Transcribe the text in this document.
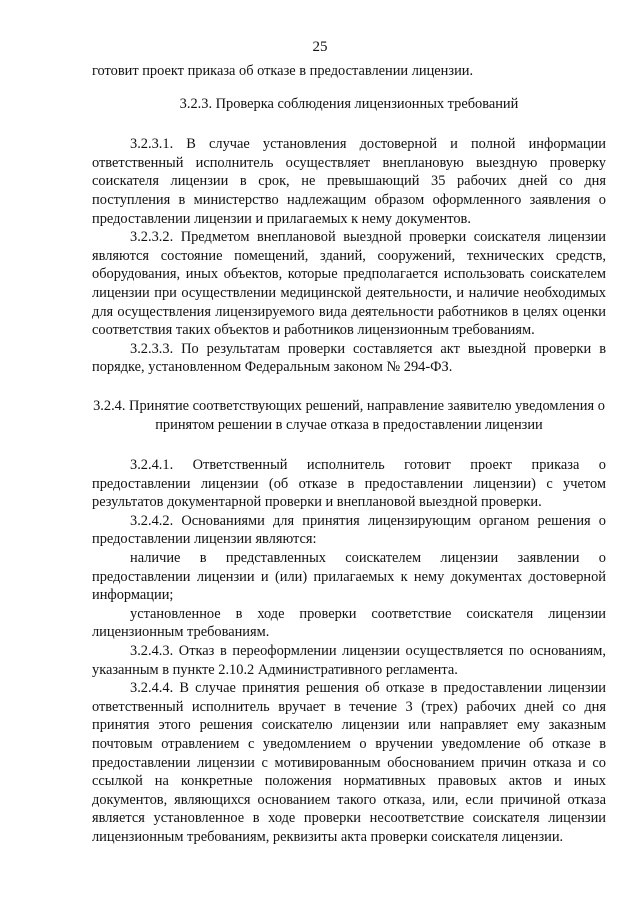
25

готовит проект приказа об отказе в предоставлении лицензии.

3.2.3. Проверка соблюдения лицензионных требований

3.2.3.1. В случае установления достоверной и полной информации ответственный исполнитель осуществляет внеплановую выездную проверку соискателя лицензии в срок, не превышающий 35 рабочих дней со дня поступления в министерство надлежащим образом оформленного заявления о предоставлении лицензии и прилагаемых к нему документов.

3.2.3.2. Предметом внеплановой выездной проверки соискателя лицензии являются состояние помещений, зданий, сооружений, технических средств, оборудования, иных объектов, которые предполагается использовать соискателем лицензии при осуществлении медицинской деятельности, и наличие необходимых для осуществления лицензируемого вида деятельности работников в целях оценки соответствия таких объектов и работников лицензионным требованиям.

3.2.3.3. По результатам проверки составляется акт выездной проверки в порядке, установленном Федеральным законом № 294-ФЗ.

3.2.4. Принятие соответствующих решений, направление заявителю уведомления о принятом решении в случае отказа в предоставлении лицензии

3.2.4.1. Ответственный исполнитель готовит проект приказа о предоставлении лицензии (об отказе в предоставлении лицензии) с учетом результатов документарной проверки и внеплановой выездной проверки.

3.2.4.2. Основаниями для принятия лицензирующим органом решения о предоставлении лицензии являются:

наличие в представленных соискателем лицензии заявлении о предоставлении лицензии и (или) прилагаемых к нему документах достоверной информации;

установленное в ходе проверки соответствие соискателя лицензии лицензионным требованиям.

3.2.4.3. Отказ в переоформлении лицензии осуществляется по основаниям, указанным в пункте 2.10.2 Административного регламента.

3.2.4.4. В случае принятия решения об отказе в предоставлении лицензии ответственный исполнитель вручает в течение 3 (трех) рабочих дней со дня принятия этого решения соискателю лицензии или направляет ему заказным почтовым отравлением с уведомлением о вручении уведомление об отказе в предоставлении лицензии с мотивированным обоснованием причин отказа и со ссылкой на конкретные положения нормативных правовых актов и иных документов, являющихся основанием такого отказа, или, если причиной отказа является установленное в ходе проверки несоответствие соискателя лицензии лицензионным требованиям, реквизиты акта проверки соискателя лицензии.
